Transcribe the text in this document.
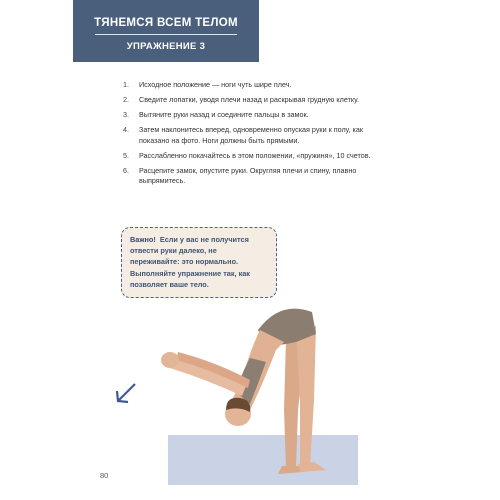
ТЯНЕМСЯ ВСЕМ ТЕЛОМ
УПРАЖНЕНИЕ 3
1. Исходное положение — ноги чуть шире плеч.
2. Сведите лопатки, уводя плечи назад и раскрывая грудную клетку.
3. Вытяните руки назад и соедините пальцы в замок.
4. Затем наклонитесь вперед, одновременно опуская руки к полу, как показано на фото. Ноги должны быть прямыми.
5. Расслабленно покачайтесь в этом положении, «пружиня», 10 счетов.
6. Расцепите замок, опустите руки. Округляя плечи и спину, плавно выпрямитесь.
Важно! Если у вас не получится отвести руки далеко, не переживайте: это нормально. Выполняйте упражнение так, как позволяет ваше тело.
80
